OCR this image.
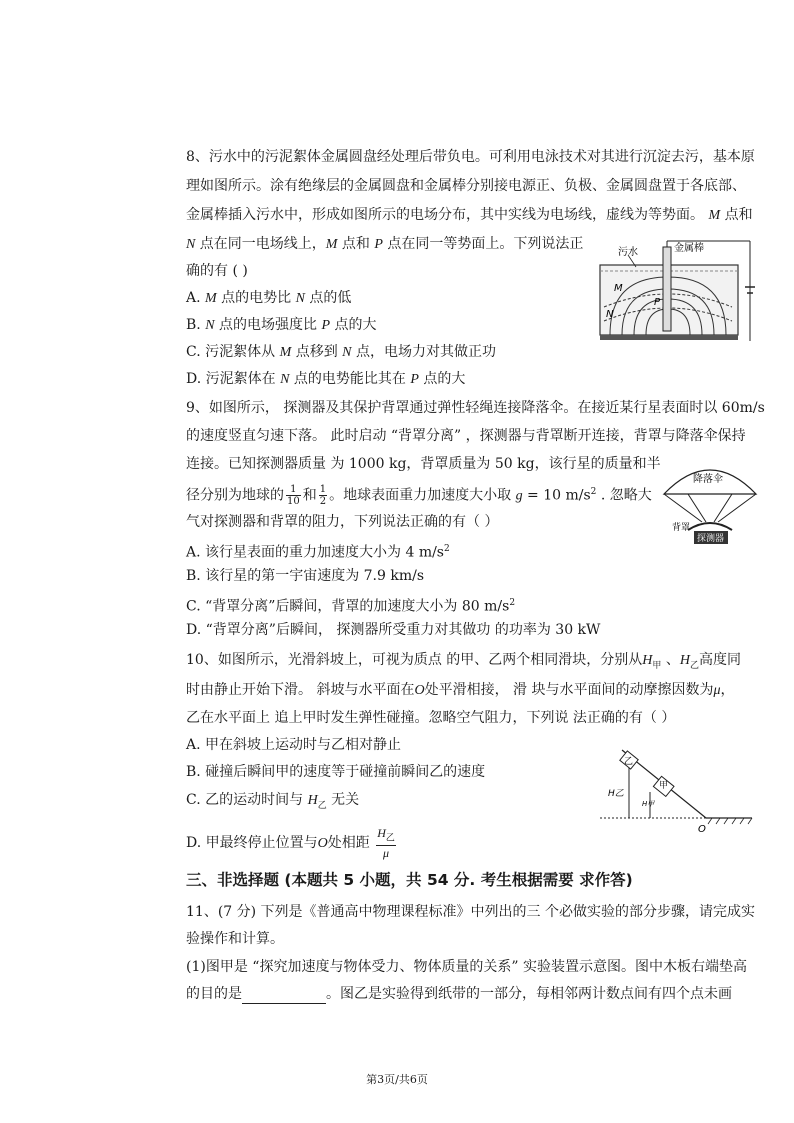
8、污水中的污泥絮体金属圆盘经处理后带负电。可利用电泳技术对其进行沉淀去污，基本原
理如图所示。涂有绝缘层的金属圆盘和金属棒分别接电源正、负极、金属圆盘置于各底部、
金属棒插入污水中，形成如图所示的电场分布，其中实线为电场线，虚线为等势面。 M 点和
N 点在同一电场线上，M 点和 P 点在同一等势面上。下列说法正
确的有 ( )
A. M 点的电势比 N 点的低
B. N 点的电场强度比 P 点的大
C. 污泥絮体从 M 点移到 N 点，电场力对其做正功
D. 污泥絮体在 N 点的电势能比其在 P 点的大
污水	金属棒
M
N
P
9、如图所示， 探测器及其保护背罩通过弹性轻绳连接降落伞。在接近某行星表面时以 60m/s
的速度竖直匀速下落。 此时启动 “背罩分离” ，探测器与背罩断开连接，背罩与降落伞保持
连接。已知探测器质量 为 1000 kg，背罩质量为 50 kg，该行星的质量和半
径分别为地球的 $\frac{1}{10}$ 和 $\frac{1}{2}$ 。地球表面重力加速度大小取 g = 10 $m/s^2$ . 忽略大
气对探测器和背罩的阻力，下列说法正确的有（ ）
A. 该行星表面的重力加速度大小为 4 $m/s^2$
B. 该行星的第一宇宙速度为 7.9 km/s
C. “背罩分离”后瞬间，背罩的加速度大小为 80 $m/s^2$
D. “背罩分离”后瞬间， 探测器所受重力对其做功 的功率为 30 kW
降落伞
背罩
探测器
10、如图所示，光滑斜坡上，可视为质点 的甲、乙两个相同滑块，分别从$H_甲$ 、$H_乙$高度同
时由静止开始下滑。 斜坡与水平面在O处平滑相接， 滑 块与水平面间的动摩擦因数为μ，
乙在水平面上 追上甲时发生弹性碰撞。忽略空气阻力，下列说 法正确的有（ ）
A. 甲在斜坡上运动时与乙相对静止
B. 碰撞后瞬间甲的速度等于碰撞前瞬间乙的速度
C. 乙的运动时间与 $H_乙$ 无关
D. 甲最终停止位置与O处相距 $\frac{H_乙}{\mu}$
乙
甲
H乙
H甲
O
三、非选择题 (本题共 5 小题，共 54 分. 考生根据需要 求作答)
11、(7 分) 下列是《普通高中物理课程标准》中列出的三 个必做实验的部分步骤，请完成实
验操作和计算。
(1)图甲是 “探究加速度与物体受力、物体质量的关系” 实验装置示意图。图中木板右端垫高
的目的是	。图乙是实验得到纸带的一部分，每相邻两计数点间有四个点未画
第3页/共6页
